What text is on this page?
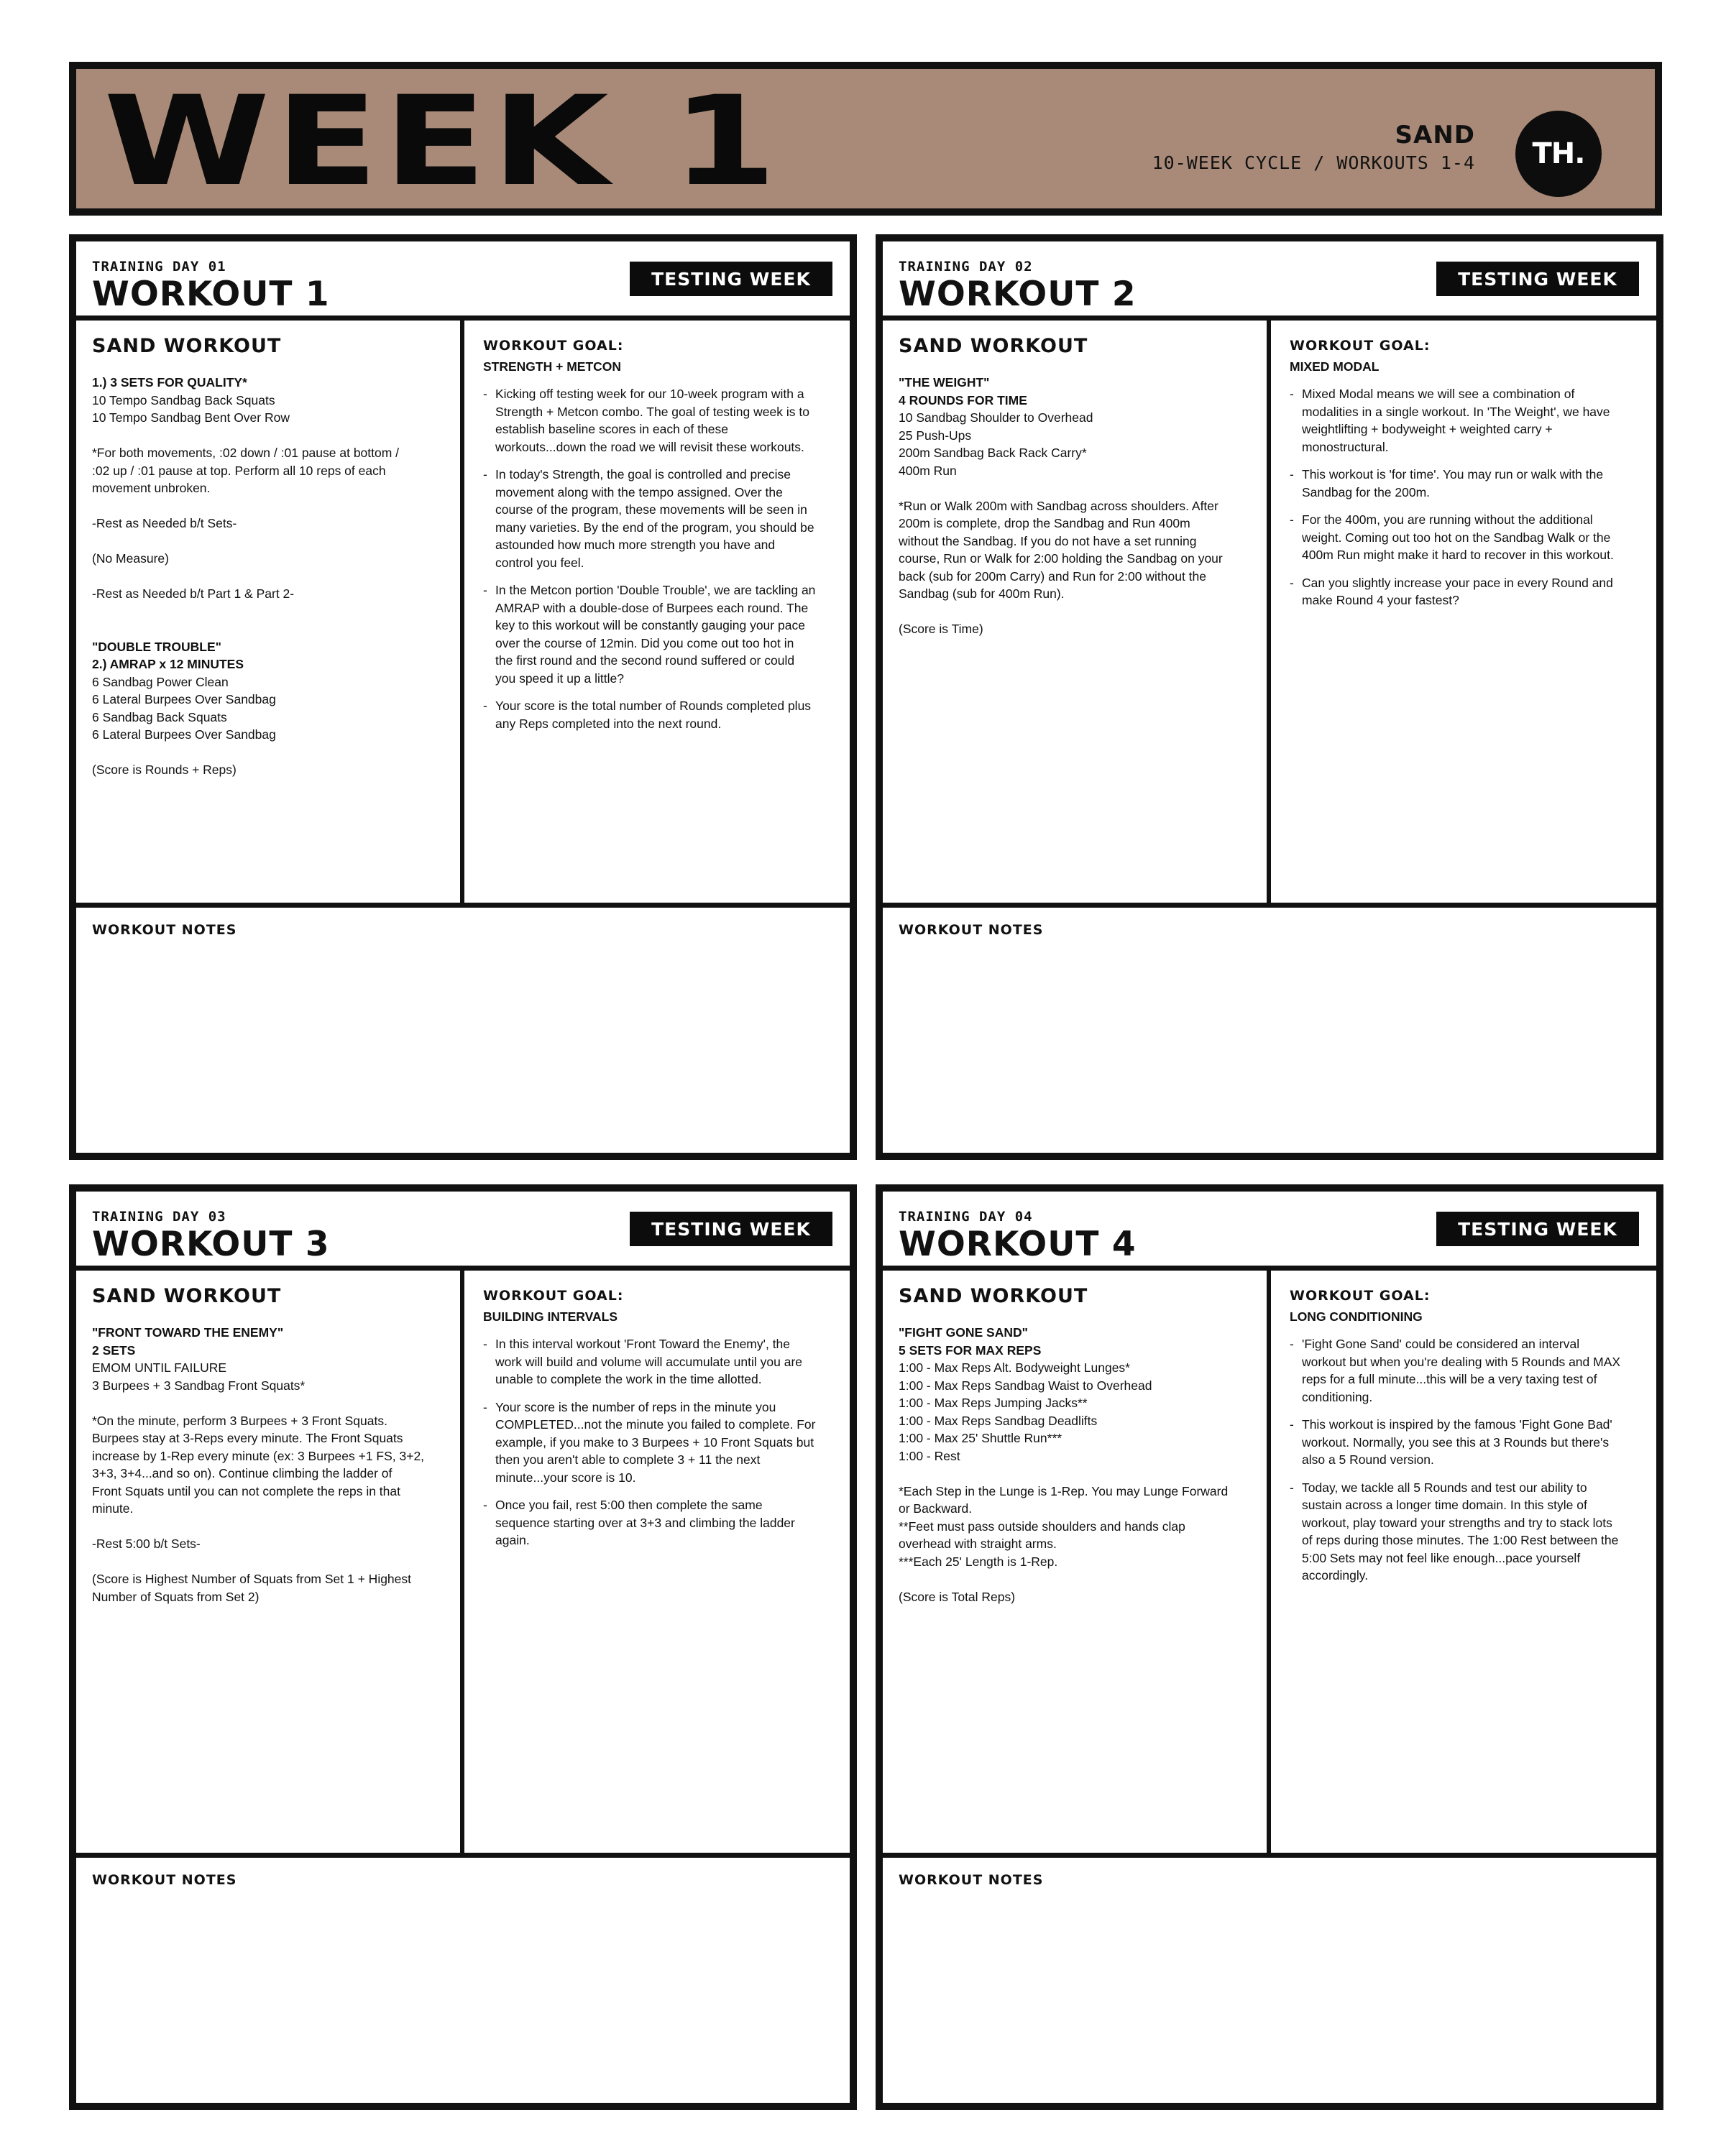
WEEK 1	SAND
10-WEEK CYCLE / WORKOUTS 1-4	TH.
TRAINING DAY 01
WORKOUT 1	TESTING WEEK
SAND WORKOUT
1.) 3 SETS FOR QUALITY*
10 Tempo Sandbag Back Squats
10 Tempo Sandbag Bent Over Row
*For both movements, :02 down / :01 pause at bottom /
:02 up / :01 pause at top. Perform all 10 reps of each
movement unbroken.
-Rest as Needed b/t Sets-
(No Measure)
-Rest as Needed b/t Part 1 & Part 2-
"DOUBLE TROUBLE"
2.) AMRAP x 12 MINUTES
6 Sandbag Power Clean
6 Lateral Burpees Over Sandbag
6 Sandbag Back Squats
6 Lateral Burpees Over Sandbag
(Score is Rounds + Reps)
WORKOUT GOAL:
STRENGTH + METCON
- Kicking off testing week for our 10-week program with a
Strength + Metcon combo. The goal of testing week is to
establish baseline scores in each of these
workouts...down the road we will revisit these workouts.
- In today's Strength, the goal is controlled and precise
movement along with the tempo assigned. Over the
course of the program, these movements will be seen in
many varieties. By the end of the program, you should be
astounded how much more strength you have and
control you feel.
- In the Metcon portion 'Double Trouble', we are tackling an
AMRAP with a double-dose of Burpees each round. The
key to this workout will be constantly gauging your pace
over the course of 12min. Did you come out too hot in
the first round and the second round suffered or could
you speed it up a little?
- Your score is the total number of Rounds completed plus
any Reps completed into the next round.
WORKOUT NOTES
TRAINING DAY 02
WORKOUT 2	TESTING WEEK
SAND WORKOUT
"THE WEIGHT"
4 ROUNDS FOR TIME
10 Sandbag Shoulder to Overhead
25 Push-Ups
200m Sandbag Back Rack Carry*
400m Run
*Run or Walk 200m with Sandbag across shoulders. After
200m is complete, drop the Sandbag and Run 400m
without the Sandbag. If you do not have a set running
course, Run or Walk for 2:00 holding the Sandbag on your
back (sub for 200m Carry) and Run for 2:00 without the
Sandbag (sub for 400m Run).
(Score is Time)
WORKOUT GOAL:
MIXED MODAL
- Mixed Modal means we will see a combination of
modalities in a single workout. In 'The Weight', we have
weightlifting + bodyweight + weighted carry +
monostructural.
- This workout is 'for time'. You may run or walk with the
Sandbag for the 200m.
- For the 400m, you are running without the additional
weight. Coming out too hot on the Sandbag Walk or the
400m Run might make it hard to recover in this workout.
- Can you slightly increase your pace in every Round and
make Round 4 your fastest?
WORKOUT NOTES
TRAINING DAY 03
WORKOUT 3	TESTING WEEK
SAND WORKOUT
"FRONT TOWARD THE ENEMY"
2 SETS
EMOM UNTIL FAILURE
3 Burpees + 3 Sandbag Front Squats*
*On the minute, perform 3 Burpees + 3 Front Squats.
Burpees stay at 3-Reps every minute. The Front Squats
increase by 1-Rep every minute (ex: 3 Burpees +1 FS, 3+2,
3+3, 3+4...and so on). Continue climbing the ladder of
Front Squats until you can not complete the reps in that
minute.
-Rest 5:00 b/t Sets-
(Score is Highest Number of Squats from Set 1 + Highest
Number of Squats from Set 2)
WORKOUT GOAL:
BUILDING INTERVALS
- In this interval workout 'Front Toward the Enemy', the
work will build and volume will accumulate until you are
unable to complete the work in the time allotted.
- Your score is the number of reps in the minute you
COMPLETED...not the minute you failed to complete. For
example, if you make to 3 Burpees + 10 Front Squats but
then you aren't able to complete 3 + 11 the next
minute...your score is 10.
- Once you fail, rest 5:00 then complete the same
sequence starting over at 3+3 and climbing the ladder
again.
WORKOUT NOTES
TRAINING DAY 04
WORKOUT 4	TESTING WEEK
SAND WORKOUT
"FIGHT GONE SAND"
5 SETS FOR MAX REPS
1:00 - Max Reps Alt. Bodyweight Lunges*
1:00 - Max Reps Sandbag Waist to Overhead
1:00 - Max Reps Jumping Jacks**
1:00 - Max Reps Sandbag Deadlifts
1:00 - Max 25' Shuttle Run***
1:00 - Rest
*Each Step in the Lunge is 1-Rep. You may Lunge Forward
or Backward.
**Feet must pass outside shoulders and hands clap
overhead with straight arms.
***Each 25' Length is 1-Rep.
(Score is Total Reps)
WORKOUT GOAL:
LONG CONDITIONING
- 'Fight Gone Sand' could be considered an interval
workout but when you're dealing with 5 Rounds and MAX
reps for a full minute...this will be a very taxing test of
conditioning.
- This workout is inspired by the famous 'Fight Gone Bad'
workout. Normally, you see this at 3 Rounds but there's
also a 5 Round version.
- Today, we tackle all 5 Rounds and test our ability to
sustain across a longer time domain. In this style of
workout, play toward your strengths and try to stack lots
of reps during those minutes. The 1:00 Rest between the
5:00 Sets may not feel like enough...pace yourself
accordingly.
WORKOUT NOTES
